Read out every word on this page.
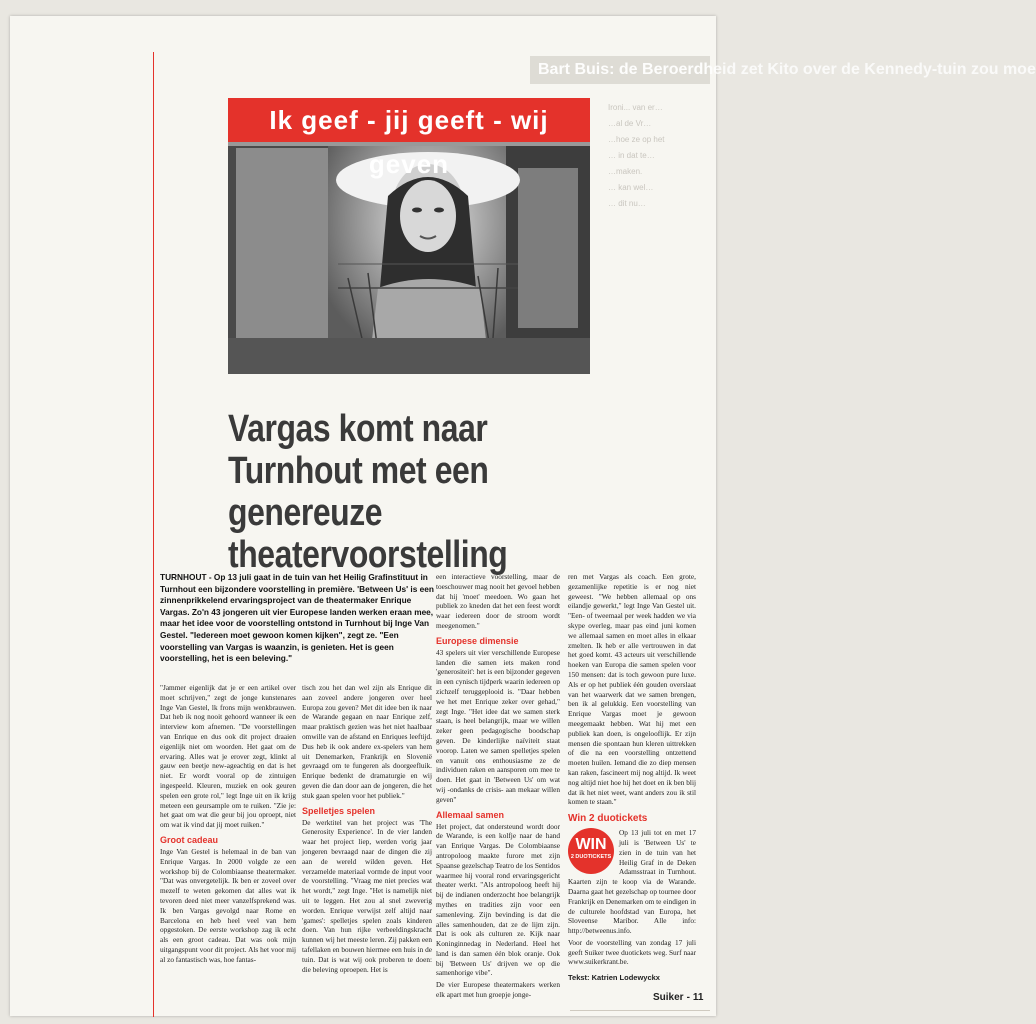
Bart Buis: de Beroerdheid zet Kito over de Kennedy-tuin zou moe
Ironi... van er…
…al de Vr…
…hoe ze op het
… in dat te…
…maken.
… kan wel…
… dit nu…
Ik geef - jij geeft - wij geven
Vargas komt naar Turnhout met een genereuze theatervoorstelling
TURNHOUT - Op 13 juli gaat in de tuin van het Heilig Grafinstituut in Turnhout een bijzondere voorstelling in première. 'Between Us' is een zinnenprikkelend ervaringsproject van de theatermaker Enrique Vargas. Zo'n 43 jongeren uit vier Europese landen werken eraan mee, maar het idee voor de voorstelling ontstond in Turnhout bij Inge Van Gestel. "Iedereen moet gewoon komen kijken", zegt ze. "Een voorstelling van Vargas is waanzin, is genieten. Het is geen voorstelling, het is een beleving."

"Jammer eigenlijk dat je er een artikel over moet schrijven," zegt de jonge kunstenares Inge Van Gestel, lk frons mijn wenkbrauwen. Dat heb ik nog nooit gehoord wanneer ik een interview kom afnemen. "De voorstellingen van Enrique en dus ook dit project draaien eigenlijk niet om woorden. Het gaat om de ervaring. Alles wat je erover zegt, klinkt al gauw een beetje new-ageachtig en dat is het niet. Er wordt vooral op de zintuigen ingespeeld. Kleuren, muziek en ook geuren spelen een grote rol," legt Inge uit en ik krijg meteen een geursample om te ruiken. "Zie je: het gaat om wat die geur bij jou oproept, niet om wat ik vind dat jij moet ruiken."

Groot cadeau

Inge Van Gestel is helemaal in de ban van Enrique Vargas. In 2000 volgde ze een workshop bij de Colombiaanse theatermaker. "Dat was onvergetelijk. Ik ben er zoveel over mezelf te weten gekomen dat alles wat ik tevoren deed niet meer vanzelfsprekend was. Ik ben Vargas gevolgd naar Rome en Barcelona en heb heel veel van hem opgestoken. De eerste workshop zag ik echt als een groot cadeau. Dat was ook mijn uitgangspunt voor dit project. Als het voor mij al zo fantastisch was, hoe fantas-

tisch zou het dan wel zijn als Enrique dit aan zoveel andere jongeren over heel Europa zou geven? Met dit idee ben ik naar de Warande gegaan en naar Enrique zelf, maar praktisch gezien was het niet haalbaar omwille van de afstand en Enriques leeftijd. Dus heb ik ook andere ex-spelers van hem uit Denemarken, Frankrijk en Slovenië gevraagd om te fungeren als doorgeefluik. Enrique bedenkt de dramaturgie en wij geven die dan door aan de jongeren, die het stuk gaan spelen voor het publiek."

Spelletjes spelen

De werktitel van het project was 'The Generosity Experience'. In de vier landen waar het project liep, werden vorig jaar jongeren bevraagd naar de dingen die zij aan de wereld wilden geven. Het verzamelde materiaal vormde de input voor de voorstelling. "Vraag me niet precies wat het wordt," zegt Inge. "Het is namelijk niet uit te leggen. Het zou al snel zweverig worden. Enrique verwijst zelf altijd naar 'games': spelletjes spelen zoals kinderen doen. Van hun rijke verbeeldingskracht kunnen wij het meeste leren. Zij pakken een tafellaken en bouwen hiermee een huis in de tuin. Dat is wat wij ook proberen te doen: die beleving oproepen. Het is

een interactieve voorstelling, maar de toeschouwer mag nooit het gevoel hebben dat hij 'moet' meedoen. Wo gaan het publiek zo kneden dat het een feest wordt waar iedereen door de stroom wordt meegenomen."

Europese dimensie

43 spelers uit vier verschillende Europese landen die samen iets maken rond 'generositeit': het is een bijzonder gegeven in een cynisch tijdperk waarin iedereen op zichzelf teruggeplooid is. "Daar hebben we het met Enrique zeker over gehad," zegt Inge. "Het idee dat we samen sterk staan, is heel belangrijk, maar we willen zeker geen pedagogische boodschap geven. De kinderlijke naïviteit staat voorop. Laten we samen spelletjes spelen en vanuit ons enthousiasme ze de individuen raken en aansporen om mee te doen. Het gaat in 'Between Us' om wat wij -ondanks de crisis- aan mekaar willen geven"

Allemaal samen

Het project, dat ondersteund wordt door de Warande, is een kolfje naar de hand van Enrique Vargas. De Colombiaanse antropoloog maakte furore met zijn Spaanse gezelschap Teatro de los Sentidos waarmee hij vooral rond ervaringsgericht theater werkt. "Als antropoloog heeft hij bij de indianen onderzocht hoe belangrijk mythes en tradities zijn voor een samenleving. Zijn bevinding is dat die alles samenhouden, dat ze de lijm zijn. Dat is ook als culturen ze. Kijk naar Koninginnedag in Nederland. Heel het land is dan samen één blok oranje. Ook bij 'Between Us' drijven we op die samenhorige vibe".

De vier Europese theatermakers werken elk apart met hun groepje jonge-

ren met Vargas als coach. Een grote, gezamenlijke repetitie is er nog niet geweest. "We hebben allemaal op ons eilandje gewerkt," legt Inge Van Gestel uit. "Een- of tweemaal per week hadden we via skype overleg, maar pas eind juni komen we allemaal samen en moet alles in elkaar zmelten. Ik heb er alle vertrouwen in dat het goed komt. 43 acteurs uit verschillende hoeken van Europa die samen spelen voor 150 mensen: dat is toch gewoon pure luxe. Als er op het publiek één gouden overslaat van het waarwerk dat we samen brengen, ben ik al gelukkig. Een voorstelling van Enrique Vargas moet je gewoon meegemaakt hebben. Wat hij met een publiek kan doen, is ongelooflijk. Er zijn mensen die spontaan hun kleren uittrekken of die na een voorstelling ontzettend moeten huilen. Iemand die zo diep mensen kan raken, fascineert mij nog altijd. Ik weet nog altijd niet hoe hij het doet en ik ben blij dat ik het niet weet, want anders zou ik stil komen te staan."

Win 2 duotickets
WIN
2 DUOTICKETS

Op 13 juli tot en met 17 juli is 'Between Us' te zien in de tuin van het Heilig Graf in de Deken Adamsstraat in Turnhout. Kaarten zijn te koop via de Warande. Daarna gaat het gezelschap op tournee door Frankrijk en Denemarken om te eindigen in de culturele hoofdstad van Europa, het Sloveense Maribor. Alle info: http://betweenus.info.

Voor de voorstelling van zondag 17 juli geeft Suiker twee duotickets weg. Surf naar www.suikerkrant.be.

Tekst: Katrien Lodewyckx
Suiker - 11
